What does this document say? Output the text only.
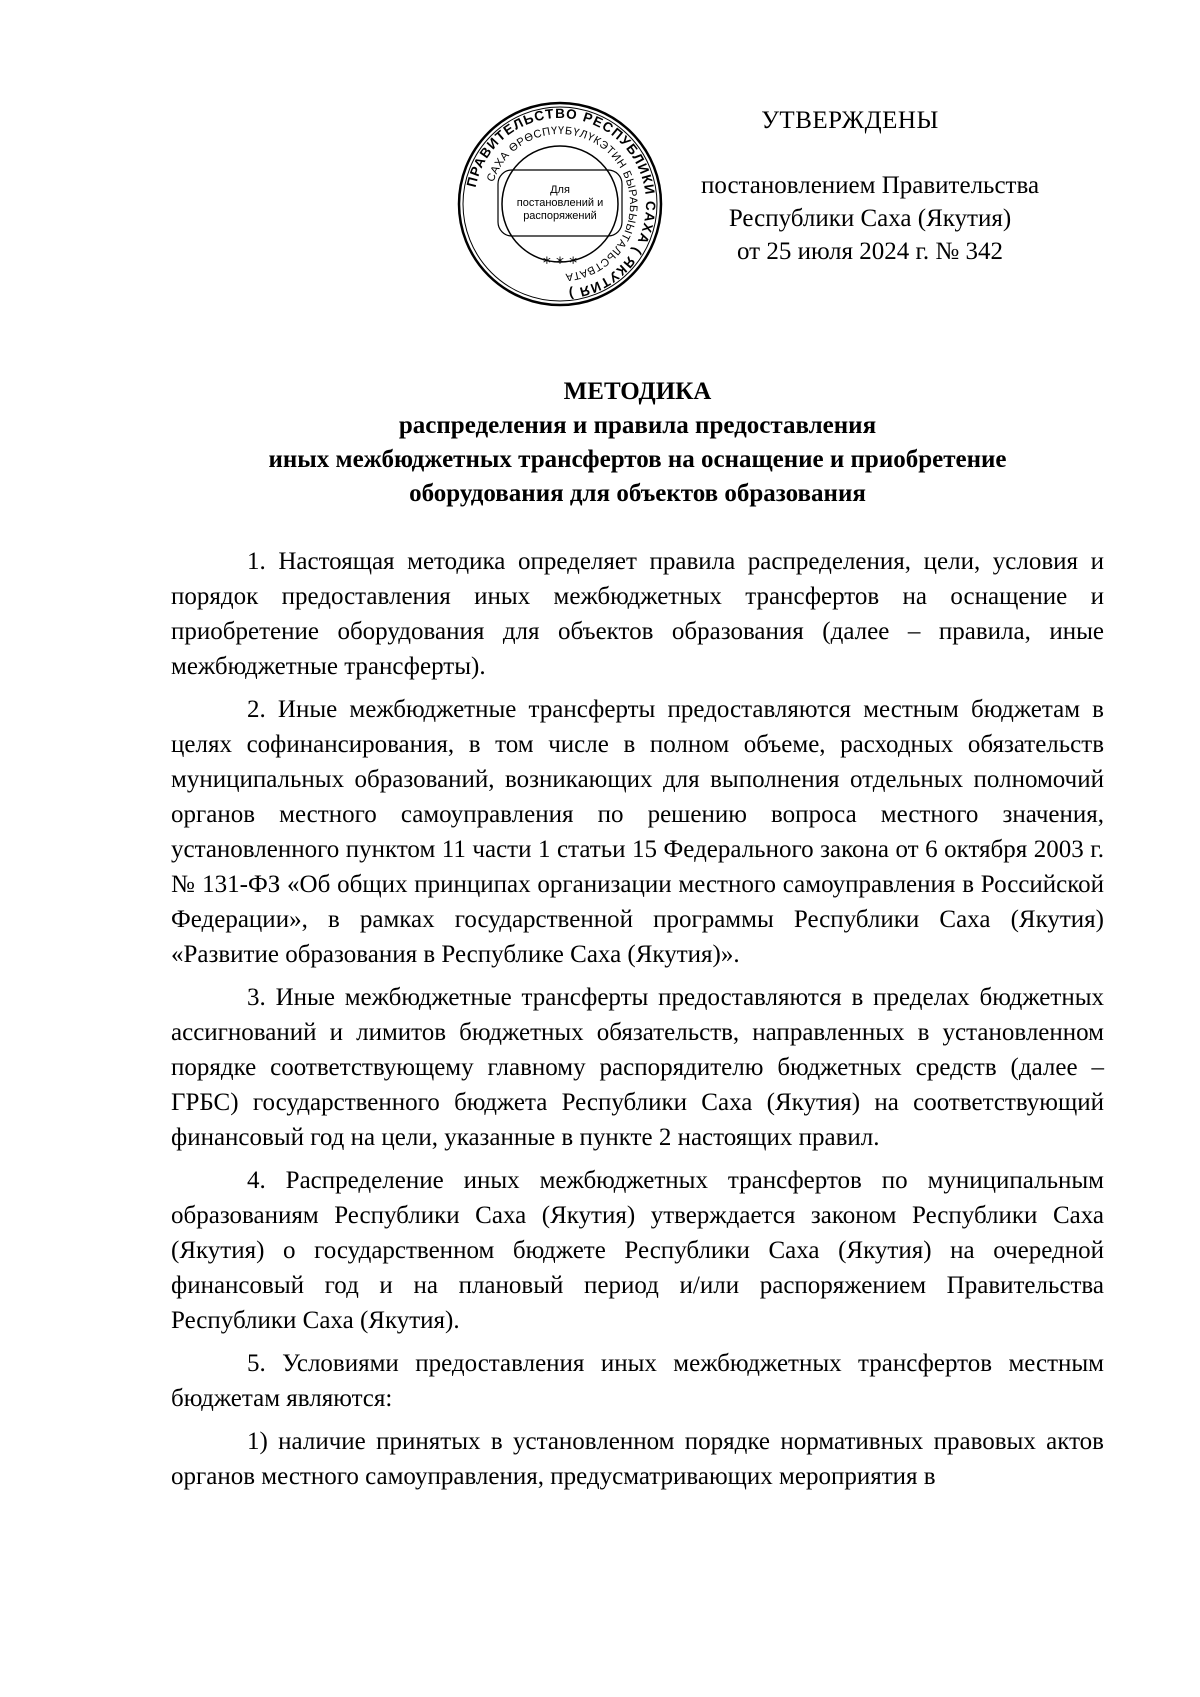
ПРАВИТЕЛЬСТВО РЕСПУБЛИКИ САХА ( ЯКУТИЯ )
САХА ӨРӨСПҮҮБҮЛҮКЭТИН БЫРАБЫЫТАЛЬСТВАТА
* * *
Для
постановлений и
распоряжений
УТВЕРЖДЕНЫ
постановлением Правительства
Республики Саха (Якутия)
от 25 июля 2024 г. № 342
МЕТОДИКА
распределения и правила предоставления
иных межбюджетных трансфертов на оснащение и приобретение
оборудования для объектов образования

1. Настоящая методика определяет правила распределения, цели, условия и порядок предоставления иных межбюджетных трансфертов на оснащение и приобретение оборудования для объектов образования (далее – правила, иные межбюджетные трансферты).

2. Иные межбюджетные трансферты предоставляются местным бюджетам в целях софинансирования, в том числе в полном объеме, расходных обязательств муниципальных образований, возникающих для выполнения отдельных полномочий органов местного самоуправления по решению вопроса местного значения, установленного пунктом 11 части 1 статьи 15 Федерального закона от 6 октября 2003 г. № 131-ФЗ «Об общих принципах организации местного самоуправления в Российской Федерации», в рамках государственной программы Республики Саха (Якутия) «Развитие образования в Республике Саха (Якутия)».

3. Иные межбюджетные трансферты предоставляются в пределах бюджетных ассигнований и лимитов бюджетных обязательств, направленных в установленном порядке соответствующему главному распорядителю бюджетных средств (далее – ГРБС) государственного бюджета Республики Саха (Якутия) на соответствующий финансовый год на цели, указанные в пункте 2 настоящих правил.

4. Распределение иных межбюджетных трансфертов по муниципальным образованиям Республики Саха (Якутия) утверждается законом Республики Саха (Якутия) о государственном бюджете Республики Саха (Якутия) на очередной финансовый год и на плановый период и/или распоряжением Правительства Республики Саха (Якутия).

5. Условиями предоставления иных межбюджетных трансфертов местным бюджетам являются:

1) наличие принятых в установленном порядке нормативных правовых актов органов местного самоуправления, предусматривающих мероприятия в
